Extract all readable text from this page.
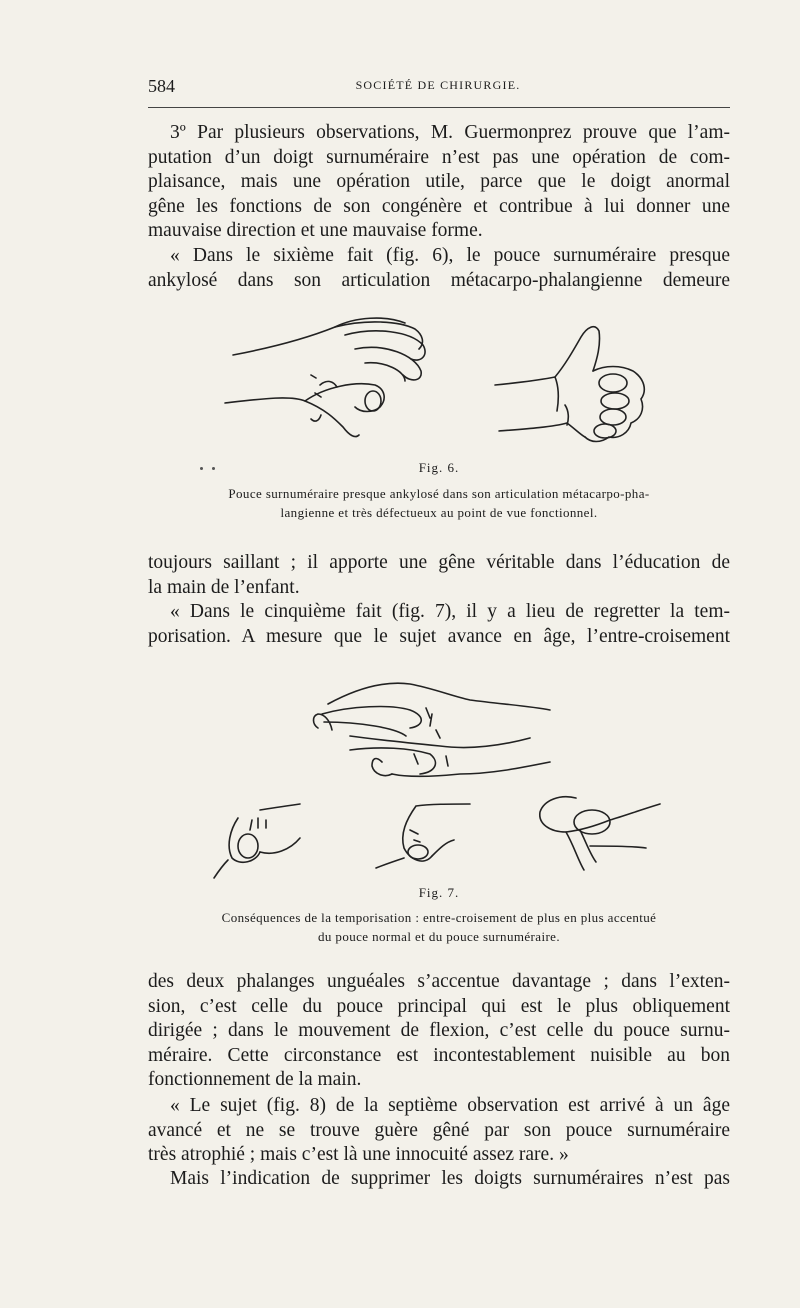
584	SOCIÉTÉ DE CHIRURGIE.

3º Par plusieurs observations, M. Guermonprez prouve que l’am-
putation d’un doigt surnuméraire n’est pas une opération de com-
plaisance, mais une opération utile, parce que le doigt anormal
gêne les fonctions de son congénère et contribue à lui donner une
mauvaise direction et une mauvaise forme.

« Dans le sixième fait (fig. 6), le pouce surnuméraire presque
ankylosé dans son articulation métacarpo-phalangienne demeure

Fig. 6.

Pouce surnuméraire presque ankylosé dans son articulation métacarpo-pha-
langienne et très défectueux au point de vue fonctionnel.

toujours saillant ; il apporte une gêne véritable dans l’éducation de
la main de l’enfant.

« Dans le cinquième fait (fig. 7), il y a lieu de regretter la tem-
porisation. A mesure que le sujet avance en âge, l’entre-croisement

Fig. 7.

Conséquences de la temporisation : entre-croisement de plus en plus accentué
du pouce normal et du pouce surnuméraire.

des deux phalanges unguéales s’accentue davantage ; dans l’exten-
sion, c’est celle du pouce principal qui est le plus obliquement
dirigée ; dans le mouvement de flexion, c’est celle du pouce surnu-
méraire. Cette circonstance est incontestablement nuisible au bon
fonctionnement de la main.

« Le sujet (fig. 8) de la septième observation est arrivé à un âge
avancé et ne se trouve guère gêné par son pouce surnuméraire
très atrophié ; mais c’est là une innocuité assez rare. »

Mais l’indication de supprimer les doigts surnuméraires n’est pas
